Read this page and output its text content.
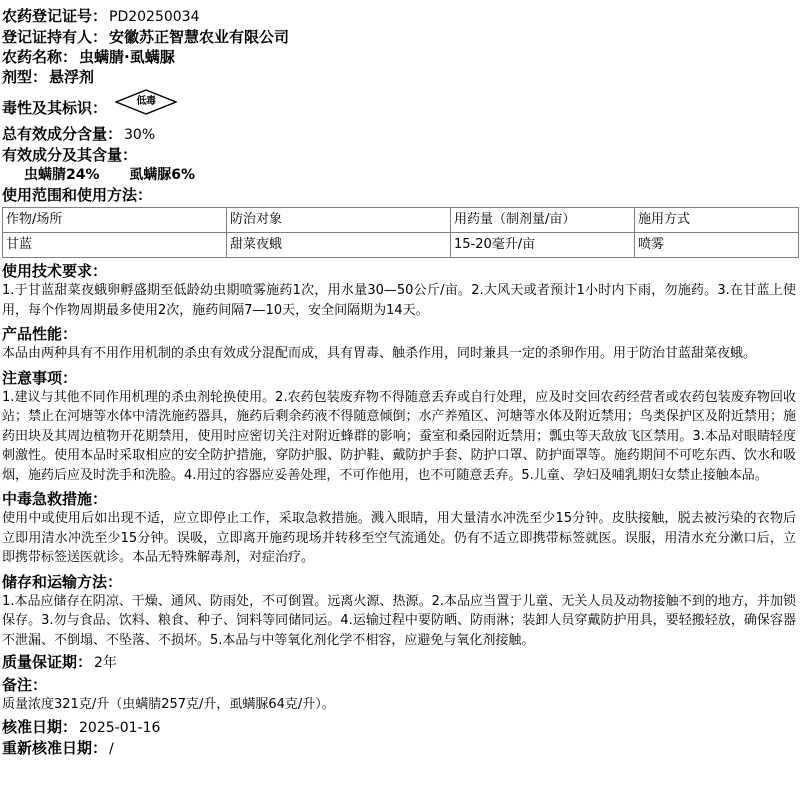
农药登记证号： PD20250034
登记证持有人： 安徽苏正智慧农业有限公司
农药名称： 虫螨腈·虱螨脲
剂型： 悬浮剂
毒性及其标识：	低毒
总有效成分含量： 30%
有效成分及其含量：
虫螨腈24% 虱螨脲6%
使用范围和使用方法：
作物/场所	防治对象	用药量（制剂量/亩）	施用方式
甘蓝	甜菜夜蛾	15-20毫升/亩	喷雾
使用技术要求：
1.于甘蓝甜菜夜蛾卵孵盛期至低龄幼虫期喷雾施药1次，用水量30—50公斤/亩。2.大风天或者预计1小时内下雨，勿施药。3.在甘蓝上使用，每个作物周期最多使用2次，施药间隔7—10天，安全间隔期为14天。
产品性能：
本品由两种具有不用作用机制的杀虫有效成分混配而成，具有胃毒、触杀作用，同时兼具一定的杀卵作用。用于防治甘蓝甜菜夜蛾。
注意事项：
1.建议与其他不同作用机理的杀虫剂轮换使用。2.农药包装废弃物不得随意丢弃或自行处理，应及时交回农药经营者或农药包装废弃物回收站；禁止在河塘等水体中清洗施药器具，施药后剩余药液不得随意倾倒；水产养殖区、河塘等水体及附近禁用；鸟类保护区及附近禁用；施药田块及其周边植物开花期禁用，使用时应密切关注对附近蜂群的影响；蚕室和桑园附近禁用；瓢虫等天敌放飞区禁用。3.本品对眼睛轻度刺激性。使用本品时采取相应的安全防护措施，穿防护服、防护鞋、戴防护手套、防护口罩、防护面罩等。施药期间不可吃东西、饮水和吸烟，施药后应及时洗手和洗脸。4.用过的容器应妥善处理，不可作他用，也不可随意丢弃。5.儿童、孕妇及哺乳期妇女禁止接触本品。
中毒急救措施：
使用中或使用后如出现不适，应立即停止工作，采取急救措施。溅入眼睛，用大量清水冲洗至少15分钟。皮肤接触，脱去被污染的衣物后立即用清水冲洗至少15分钟。误吸，立即离开施药现场并转移至空气流通处。仍有不适立即携带标签就医。误服，用清水充分漱口后，立即携带标签送医就诊。本品无特殊解毒剂，对症治疗。
储存和运输方法：
1.本品应储存在阴凉、干燥、通风、防雨处，不可倒置。远离火源、热源。2.本品应当置于儿童、无关人员及动物接触不到的地方，并加锁保存。3.勿与食品、饮料、粮食、种子、饲料等同储同运。4.运输过程中要防晒、防雨淋；装卸人员穿戴防护用具，要轻搬轻放，确保容器不泄漏、不倒塌、不坠落、不损坏。5.本品与中等氧化剂化学不相容，应避免与氧化剂接触。
质量保证期： 2年
备注：
质量浓度321克/升（虫螨腈257克/升，虱螨脲64克/升）。
核准日期： 2025-01-16
重新核准日期： /
